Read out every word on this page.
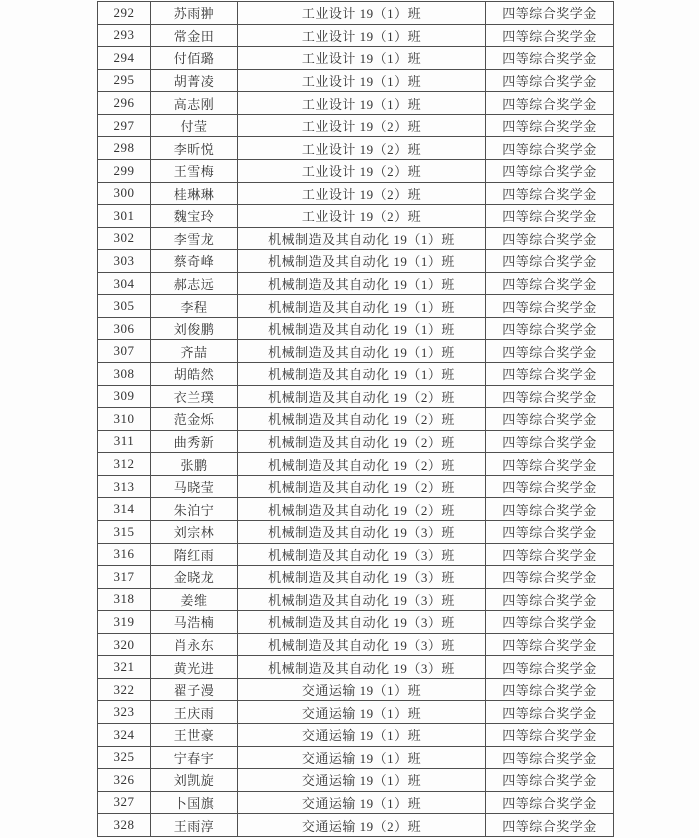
292	苏雨翀	工业设计 19（1）班	四等综合奖学金
293	常金田	工业设计 19（1）班	四等综合奖学金
294	付佰璐	工业设计 19（1）班	四等综合奖学金
295	胡菁凌	工业设计 19（1）班	四等综合奖学金
296	高志刚	工业设计 19（1）班	四等综合奖学金
297	付莹	工业设计 19（2）班	四等综合奖学金
298	李昕悦	工业设计 19（2）班	四等综合奖学金
299	王雪梅	工业设计 19（2）班	四等综合奖学金
300	桂琳琳	工业设计 19（2）班	四等综合奖学金
301	魏宝玲	工业设计 19（2）班	四等综合奖学金
302	李雪龙	机械制造及其自动化 19（1）班	四等综合奖学金
303	蔡奇峰	机械制造及其自动化 19（1）班	四等综合奖学金
304	郝志远	机械制造及其自动化 19（1）班	四等综合奖学金
305	李程	机械制造及其自动化 19（1）班	四等综合奖学金
306	刘俊鹏	机械制造及其自动化 19（1）班	四等综合奖学金
307	齐喆	机械制造及其自动化 19（1）班	四等综合奖学金
308	胡皓然	机械制造及其自动化 19（1）班	四等综合奖学金
309	衣兰璞	机械制造及其自动化 19（2）班	四等综合奖学金
310	范金烁	机械制造及其自动化 19（2）班	四等综合奖学金
311	曲秀新	机械制造及其自动化 19（2）班	四等综合奖学金
312	张鹏	机械制造及其自动化 19（2）班	四等综合奖学金
313	马晓莹	机械制造及其自动化 19（2）班	四等综合奖学金
314	朱泊宁	机械制造及其自动化 19（2）班	四等综合奖学金
315	刘宗林	机械制造及其自动化 19（3）班	四等综合奖学金
316	隋红雨	机械制造及其自动化 19（3）班	四等综合奖学金
317	金晓龙	机械制造及其自动化 19（3）班	四等综合奖学金
318	姜维	机械制造及其自动化 19（3）班	四等综合奖学金
319	马浩楠	机械制造及其自动化 19（3）班	四等综合奖学金
320	肖永东	机械制造及其自动化 19（3）班	四等综合奖学金
321	黄光进	机械制造及其自动化 19（3）班	四等综合奖学金
322	翟子漫	交通运输 19（1）班	四等综合奖学金
323	王庆雨	交通运输 19（1）班	四等综合奖学金
324	王世豪	交通运输 19（1）班	四等综合奖学金
325	宁春宇	交通运输 19（1）班	四等综合奖学金
326	刘凯旋	交通运输 19（1）班	四等综合奖学金
327	卜国旗	交通运输 19（1）班	四等综合奖学金
328	王雨淳	交通运输 19（2）班	四等综合奖学金
